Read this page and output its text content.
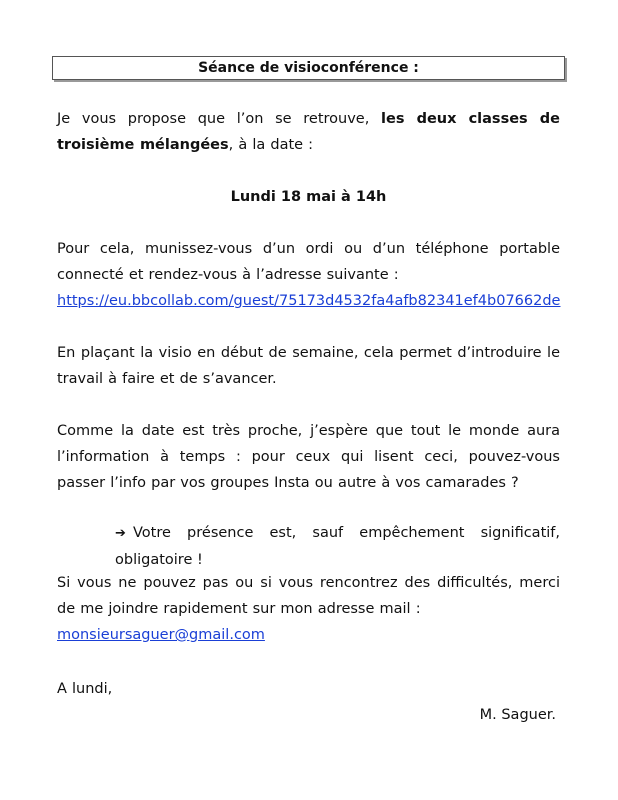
Séance de visioconférence :
Je vous propose que l’on se retrouve, les deux classes de troisième mélangées, à la date :
Lundi 18 mai à 14h
Pour cela, munissez-vous d’un ordi ou d’un téléphone portable connecté et rendez-vous à l’adresse suivante :
https://eu.bbcollab.com/guest/75173d4532fa4afb82341ef4b07662de
En plaçant la visio en début de semaine, cela permet d’introduire le travail à faire et de s’avancer.
Comme la date est très proche, j’espère que tout le monde aura l’information à temps : pour ceux qui lisent ceci, pouvez-vous passer l’info par vos groupes Insta ou autre à vos camarades ?
➔ Votre présence est, sauf empêchement significatif, obligatoire !
Si vous ne pouvez pas ou si vous rencontrez des difficultés, merci de me joindre rapidement sur mon adresse mail :
monsieursaguer@gmail.com
A lundi,
M. Saguer.
